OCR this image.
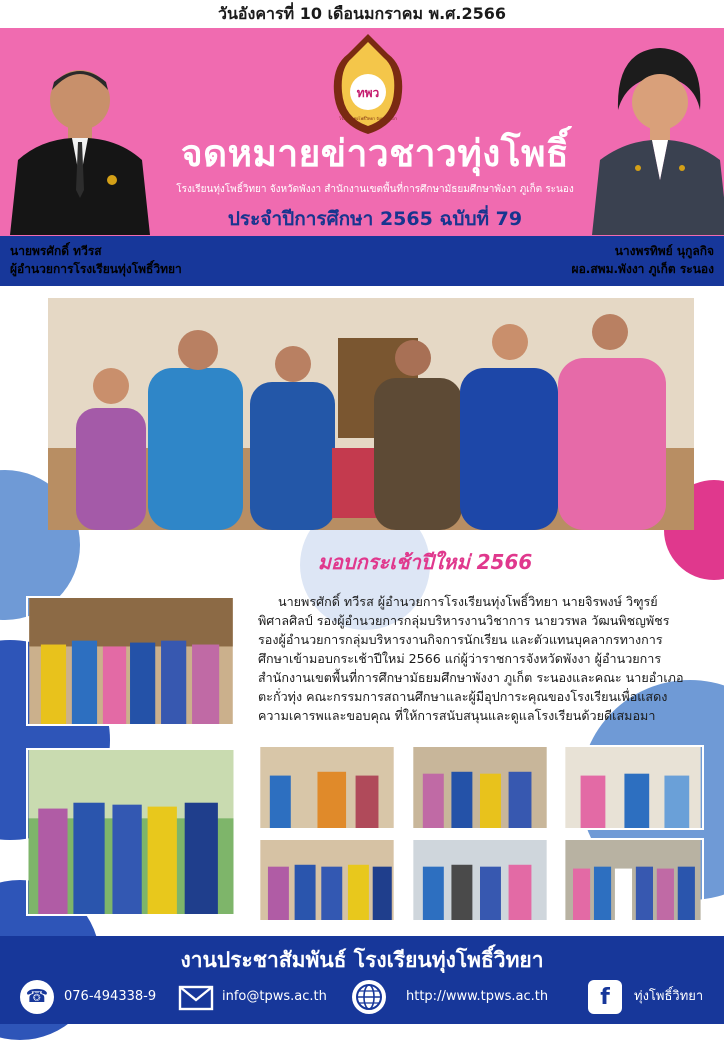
วันอังคารที่ 10 เดือนมกราคม พ.ศ.2566
ทพว
โรงเรียนทุ่งโพธิ์วิทยา จังหวัดพังงา
จดหมายข่าวชาวทุ่งโพธิ์
โรงเรียนทุ่งโพธิ์วิทยา จังหวัดพังงา สำนักงานเขตพื้นที่การศึกษามัธยมศึกษาพังงา ภูเก็ต ระนอง
ประจำปีการศึกษา 2565 ฉบับที่ 79
นายพรศักดิ์ ทวีรส
ผู้อำนวยการโรงเรียนทุ่งโพธิ์วิทยา
นางพรทิพย์ นุกูลกิจ
ผอ.สพม.พังงา ภูเก็ต ระนอง
มอบกระเช้าปีใหม่ 2566
นายพรศักดิ์ ทวีรส ผู้อำนวยการโรงเรียนทุ่งโพธิ์วิทยา นายจิรพงษ์ วิฑูรย์
พิศาลศิลป์ รองผู้อำนวยการกลุ่มบริหารงานวิชาการ นายวรพล วัฒนพิชญพัชร
รองผู้อำนวยการกลุ่มบริหารงานกิจการนักเรียน และตัวแทนบุคลากรทางการ
ศึกษาเข้ามอบกระเช้าปีใหม่ 2566 แก่ผู้ว่าราชการจังหวัดพังงา ผู้อำนวยการ
สำนักงานเขตพื้นที่การศึกษามัธยมศึกษาพังงา ภูเก็ต ระนองและคณะ นายอำเภอ
ตะกั่วทุ่ง คณะกรรมการสถานศึกษาและผู้มีอุปการะคุณของโรงเรียนเพื่อแสดง
ความเคารพและขอบคุณ ที่ให้การสนับสนุนและดูแลโรงเรียนด้วยดีเสมอมา
งานประชาสัมพันธ์ โรงเรียนทุ่งโพธิ์วิทยา
☎	076-494338-9	info@tpws.ac.th	http://www.tpws.ac.th	f	ทุ่งโพธิ์วิทยา
